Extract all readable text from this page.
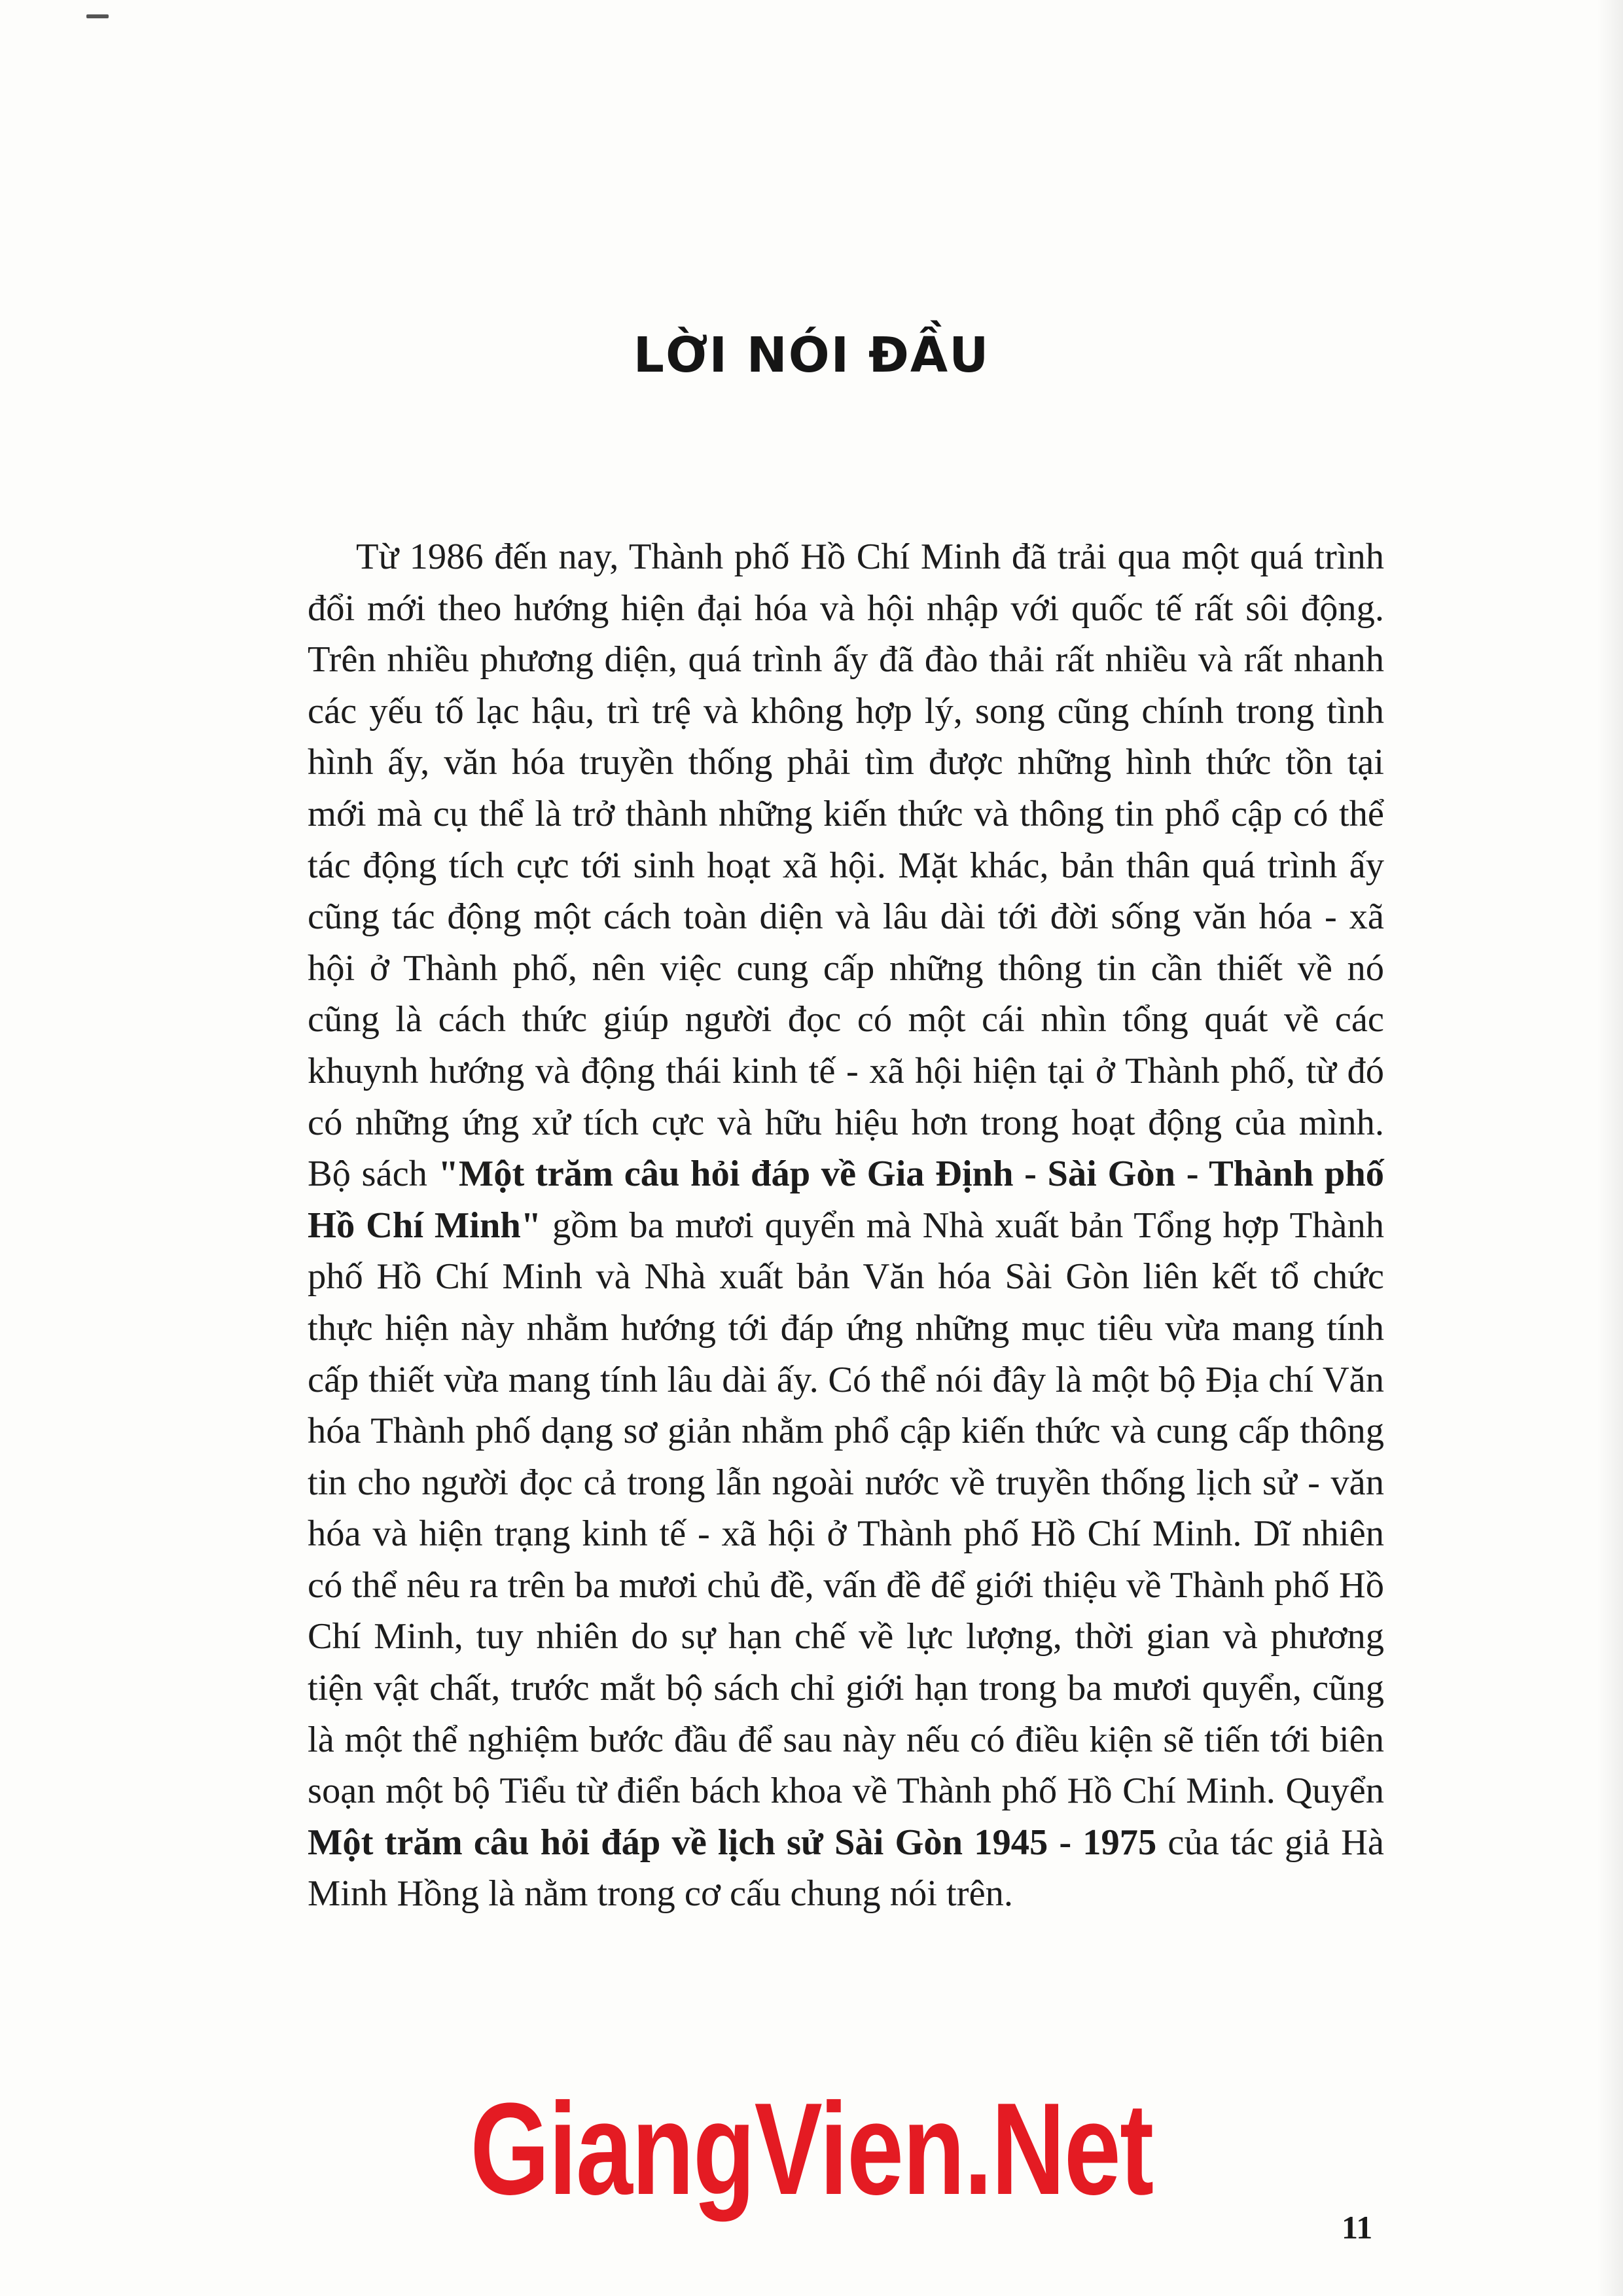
LỜI NÓI ĐẦU

Từ 1986 đến nay, Thành phố Hồ Chí Minh đã trải qua một quá trình đổi mới theo hướng hiện đại hóa và hội nhập với quốc tế rất sôi động. Trên nhiều phương diện, quá trình ấy đã đào thải rất nhiều và rất nhanh các yếu tố lạc hậu, trì trệ và không hợp lý, song cũng chính trong tình hình ấy, văn hóa truyền thống phải tìm được những hình thức tồn tại mới mà cụ thể là trở thành những kiến thức và thông tin phổ cập có thể tác động tích cực tới sinh hoạt xã hội. Mặt khác, bản thân quá trình ấy cũng tác động một cách toàn diện và lâu dài tới đời sống văn hóa - xã hội ở Thành phố, nên việc cung cấp những thông tin cần thiết về nó cũng là cách thức giúp người đọc có một cái nhìn tổng quát về các khuynh hướng và động thái kinh tế - xã hội hiện tại ở Thành phố, từ đó có những ứng xử tích cực và hữu hiệu hơn trong hoạt động của mình. Bộ sách "Một trăm câu hỏi đáp về Gia Định - Sài Gòn - Thành phố Hồ Chí Minh" gồm ba mươi quyển mà Nhà xuất bản Tổng hợp Thành phố Hồ Chí Minh và Nhà xuất bản Văn hóa Sài Gòn liên kết tổ chức thực hiện này nhằm hướng tới đáp ứng những mục tiêu vừa mang tính cấp thiết vừa mang tính lâu dài ấy. Có thể nói đây là một bộ Địa chí Văn hóa Thành phố dạng sơ giản nhằm phổ cập kiến thức và cung cấp thông tin cho người đọc cả trong lẫn ngoài nước về truyền thống lịch sử - văn hóa và hiện trạng kinh tế - xã hội ở Thành phố Hồ Chí Minh. Dĩ nhiên có thể nêu ra trên ba mươi chủ đề, vấn đề để giới thiệu về Thành phố Hồ Chí Minh, tuy nhiên do sự hạn chế về lực lượng, thời gian và phương tiện vật chất, trước mắt bộ sách chỉ giới hạn trong ba mươi quyển, cũng là một thể nghiệm bước đầu để sau này nếu có điều kiện sẽ tiến tới biên soạn một bộ Tiểu từ điển bách khoa về Thành phố Hồ Chí Minh. Quyển Một trăm câu hỏi đáp về lịch sử Sài Gòn 1945 - 1975 của tác giả Hà Minh Hồng là nằm trong cơ cấu chung nói trên.

GiangVien.Net
11
